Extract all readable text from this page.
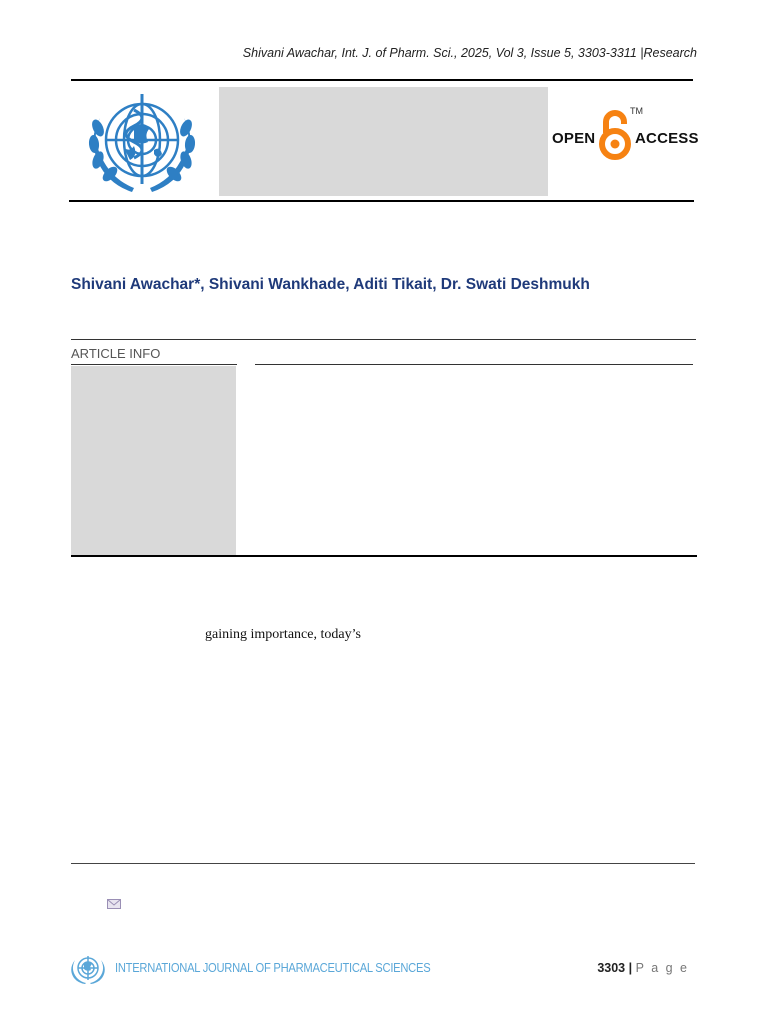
Shivani Awachar, Int. J. of Pharm. Sci., 2025, Vol 3, Issue 5, 3303-3311 |Research
OPEN
TM
ACCESS
Shivani Awachar*, Shivani Wankhade, Aditi Tikait, Dr. Swati Deshmukh
ARTICLE INFO
gaining importance, today’s
INTERNATIONAL JOURNAL OF PHARMACEUTICAL SCIENCES	3303 | P a g e
